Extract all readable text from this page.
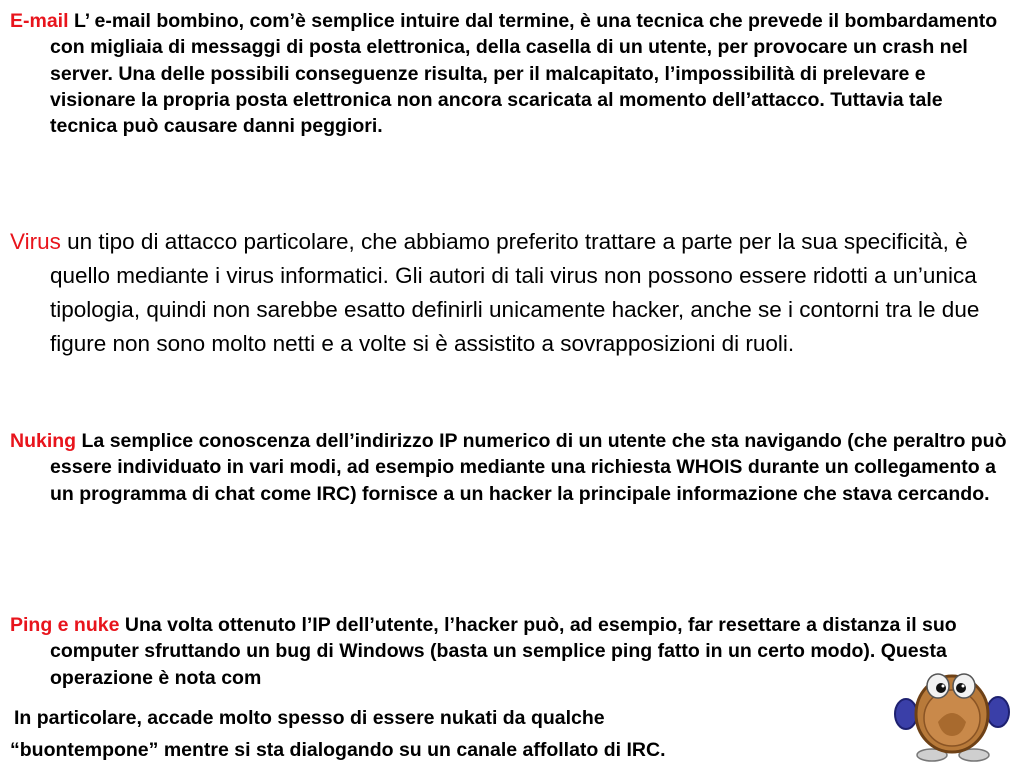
E-mail L’ e-mail bombino, com’è semplice intuire dal termine, è una tecnica che prevede il bombardamento con migliaia di messaggi di posta elettronica, della casella di un utente, per provocare un crash nel server. Una delle possibili conseguenze risulta, per il malcapitato, l’impossibilità di prelevare e visionare la propria posta elettronica non ancora scaricata al momento dell’attacco. Tuttavia tale tecnica può causare danni peggiori.

Virus un tipo di attacco particolare, che abbiamo preferito trattare a parte per la sua specificità, è quello mediante i virus informatici. Gli autori di tali virus non possono essere ridotti a un’unica tipologia, quindi non sarebbe esatto definirli unicamente hacker, anche se i contorni tra le due figure non sono molto netti e a volte si è assistito a sovrapposizioni di ruoli.

Nuking La semplice conoscenza dell’indirizzo IP numerico di un utente che sta navigando (che peraltro può essere individuato in vari modi, ad esempio mediante una richiesta WHOIS durante un collegamento a un programma di chat come IRC) fornisce a un hacker la principale informazione che stava cercando.

Ping e nuke Una volta ottenuto l’IP dell’utente, l’hacker può, ad esempio, far resettare a distanza il suo computer sfruttando un bug di Windows (basta un semplice ping fatto in un certo modo). Questa operazione è nota com

In particolare, accade molto spesso di essere nukati da qualche

“buontempone” mentre si sta dialogando su un canale affollato di IRC.
